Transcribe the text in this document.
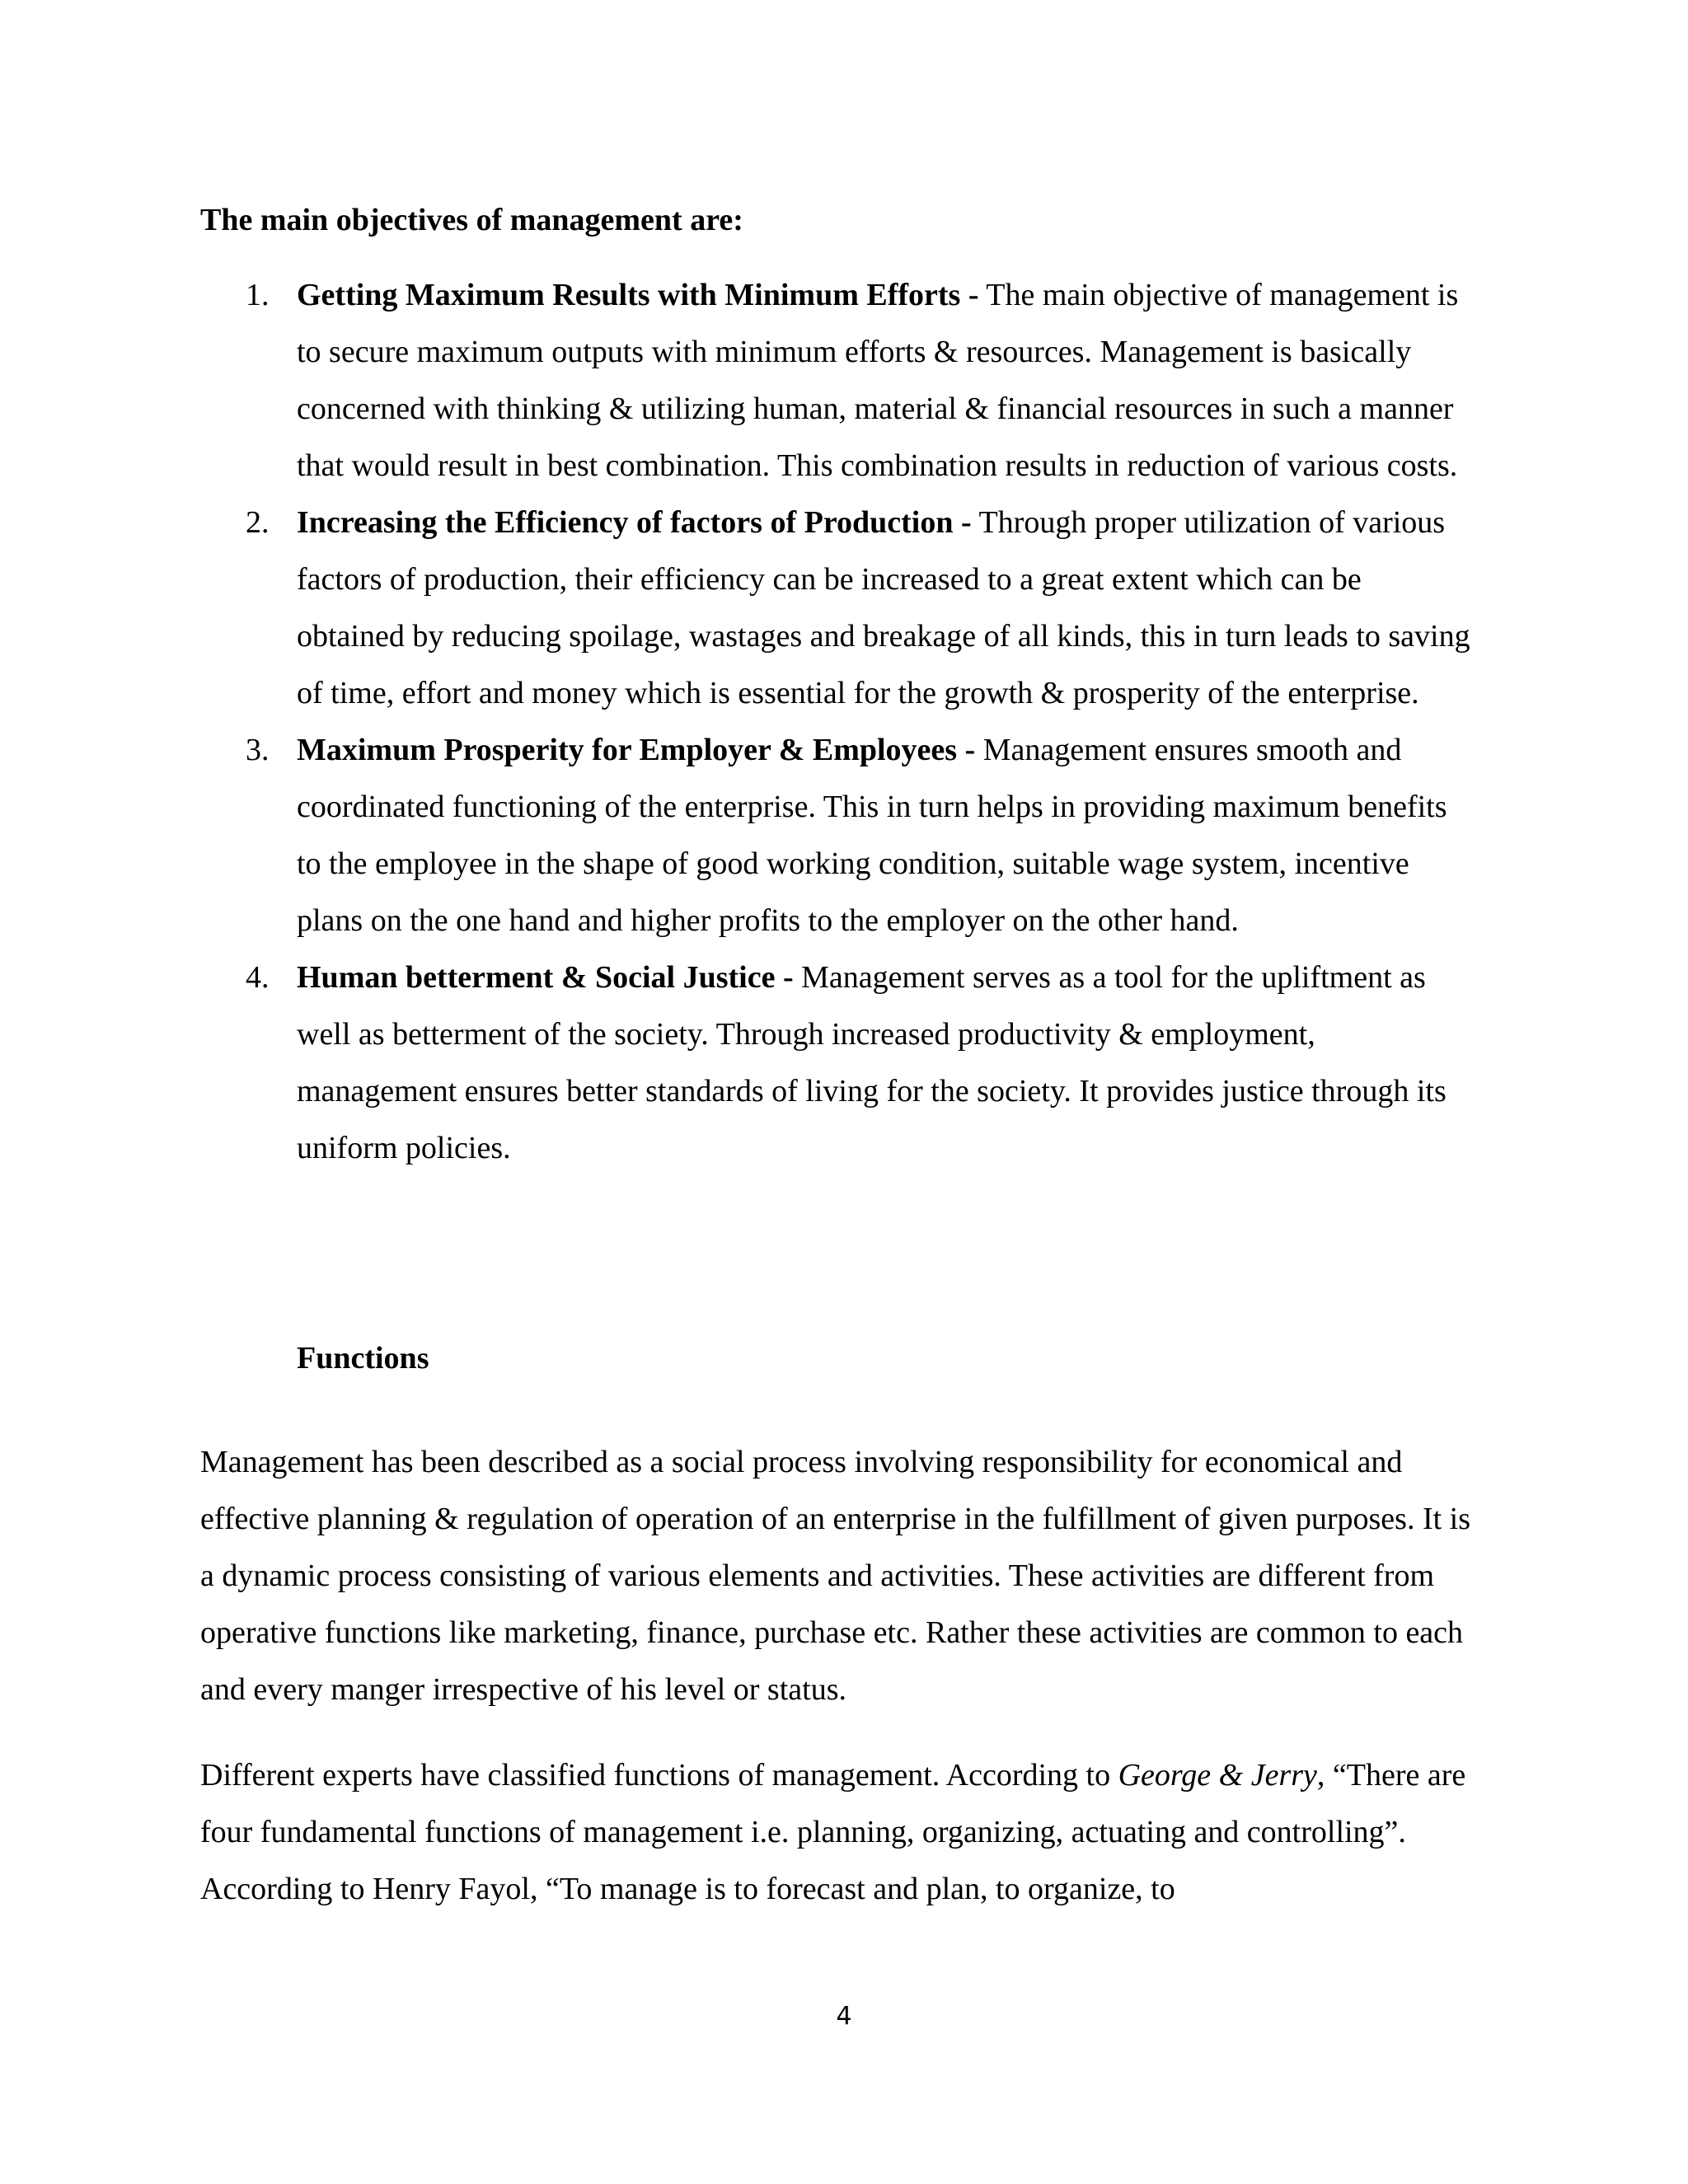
The main objectives of management are:

1. Getting Maximum Results with Minimum Efforts - The main objective of management is to secure maximum outputs with minimum efforts & resources. Management is basically concerned with thinking & utilizing human, material & financial resources in such a manner that would result in best combination. This combination results in reduction of various costs.
2. Increasing the Efficiency of factors of Production - Through proper utilization of various factors of production, their efficiency can be increased to a great extent which can be obtained by reducing spoilage, wastages and breakage of all kinds, this in turn leads to saving of time, effort and money which is essential for the growth & prosperity of the enterprise.
3. Maximum Prosperity for Employer & Employees - Management ensures smooth and coordinated functioning of the enterprise. This in turn helps in providing maximum benefits to the employee in the shape of good working condition, suitable wage system, incentive plans on the one hand and higher profits to the employer on the other hand.
4. Human betterment & Social Justice - Management serves as a tool for the upliftment as well as betterment of the society. Through increased productivity & employment, management ensures better standards of living for the society. It provides justice through its uniform policies.

Functions

Management has been described as a social process involving responsibility for economical and effective planning & regulation of operation of an enterprise in the fulfillment of given purposes. It is a dynamic process consisting of various elements and activities. These activities are different from operative functions like marketing, finance, purchase etc. Rather these activities are common to each and every manger irrespective of his level or status.

Different experts have classified functions of management. According to George & Jerry, “There are four fundamental functions of management i.e. planning, organizing, actuating and controlling”. According to Henry Fayol, “To manage is to forecast and plan, to organize, to

4
